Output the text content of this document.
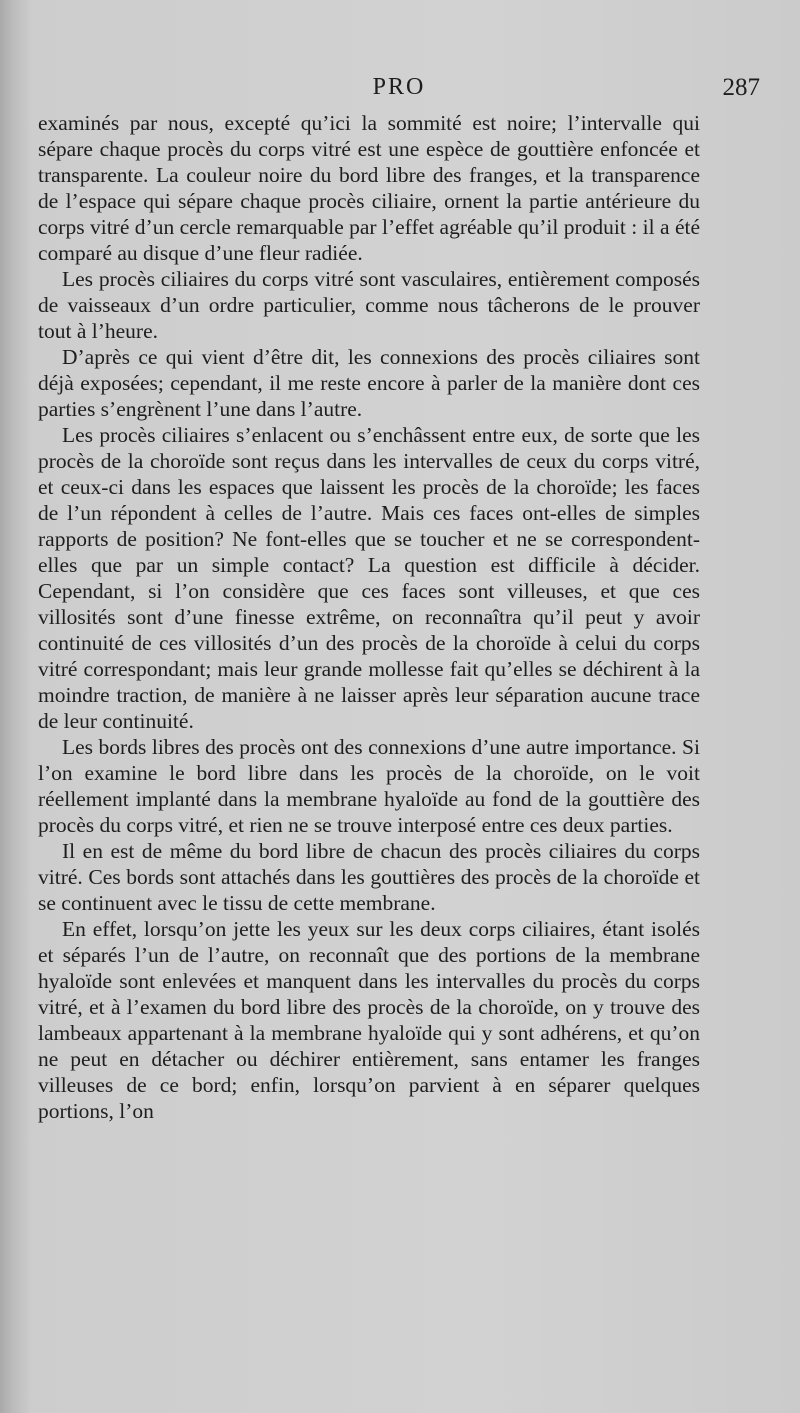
PRO	287

examinés par nous, excepté qu’ici la sommité est noire; l’intervalle qui sépare chaque procès du corps vitré est une espèce de gouttière enfoncée et transparente. La couleur noire du bord libre des franges, et la transparence de l’espace qui sépare chaque procès ciliaire, ornent la partie antérieure du corps vitré d’un cercle remarquable par l’effet agréable qu’il produit : il a été comparé au disque d’une fleur radiée.

Les procès ciliaires du corps vitré sont vasculaires, entièrement composés de vaisseaux d’un ordre particulier, comme nous tâcherons de le prouver tout à l’heure.

D’après ce qui vient d’être dit, les connexions des procès ciliaires sont déjà exposées; cependant, il me reste encore à parler de la manière dont ces parties s’engrènent l’une dans l’autre.

Les procès ciliaires s’enlacent ou s’enchâssent entre eux, de sorte que les procès de la choroïde sont reçus dans les intervalles de ceux du corps vitré, et ceux-ci dans les espaces que laissent les procès de la choroïde; les faces de l’un répondent à celles de l’autre. Mais ces faces ont-elles de simples rapports de position? Ne font-elles que se toucher et ne se correspondent-elles que par un simple contact? La question est difficile à décider. Cependant, si l’on considère que ces faces sont villeuses, et que ces villosités sont d’une finesse extrême, on reconnaîtra qu’il peut y avoir continuité de ces villosités d’un des procès de la choroïde à celui du corps vitré correspondant; mais leur grande mollesse fait qu’elles se déchirent à la moindre traction, de manière à ne laisser après leur séparation aucune trace de leur continuité.

Les bords libres des procès ont des connexions d’une autre importance. Si l’on examine le bord libre dans les procès de la choroïde, on le voit réellement implanté dans la membrane hyaloïde au fond de la gouttière des procès du corps vitré, et rien ne se trouve interposé entre ces deux parties.

Il en est de même du bord libre de chacun des procès ciliaires du corps vitré. Ces bords sont attachés dans les gouttières des procès de la choroïde et se continuent avec le tissu de cette membrane.

En effet, lorsqu’on jette les yeux sur les deux corps ciliaires, étant isolés et séparés l’un de l’autre, on reconnaît que des portions de la membrane hyaloïde sont enlevées et manquent dans les intervalles du procès du corps vitré, et à l’examen du bord libre des procès de la choroïde, on y trouve des lambeaux appartenant à la membrane hyaloïde qui y sont adhérens, et qu’on ne peut en détacher ou déchirer entièrement, sans entamer les franges villeuses de ce bord; enfin, lorsqu’on parvient à en séparer quelques portions, l’on
